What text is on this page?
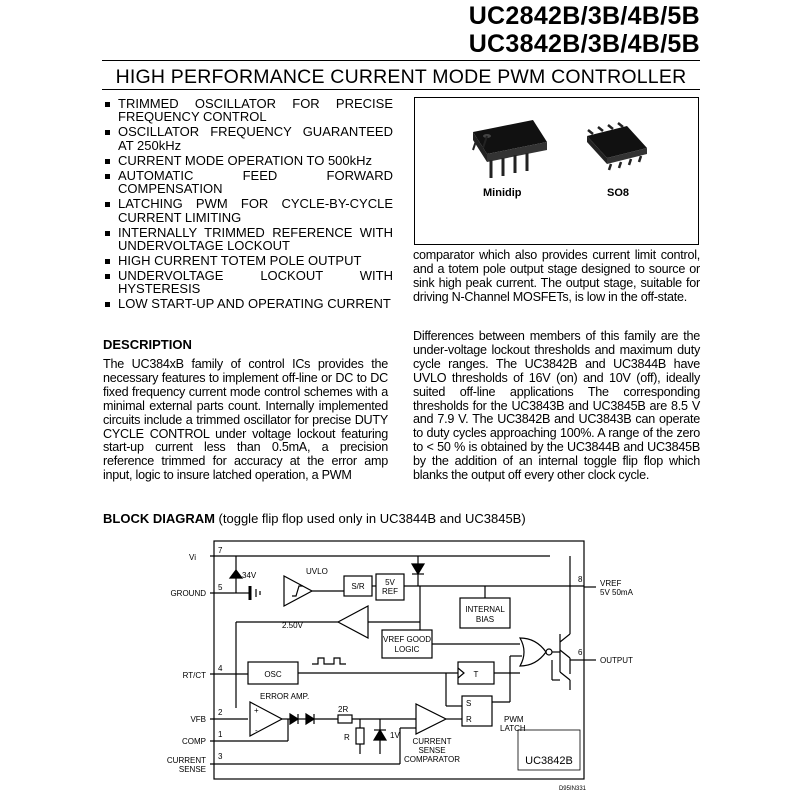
UC2842B/3B/4B/5B
UC3842B/3B/4B/5B
HIGH PERFORMANCE CURRENT MODE PWM CONTROLLER
TRIMMED OSCILLATOR FOR PRECISE FREQUENCY CONTROL
OSCILLATOR FREQUENCY GUARANTEED AT 250kHz
CURRENT MODE OPERATION TO 500kHz
AUTOMATIC FEED FORWARD COMPENSATION
LATCHING PWM FOR CYCLE-BY-CYCLE CURRENT LIMITING
INTERNALLY TRIMMED REFERENCE WITH UNDERVOLTAGE LOCKOUT
HIGH CURRENT TOTEM POLE OUTPUT
UNDERVOLTAGE LOCKOUT WITH HYSTERESIS
LOW START-UP AND OPERATING CURRENT
Minidip	SO8
DESCRIPTION
The UC384xB family of control ICs provides the necessary features to implement off-line or DC to DC fixed frequency current mode control schemes with a minimal external parts count. Internally implemented circuits include a trimmed oscillator for precise DUTY CYCLE CONTROL under voltage lockout featuring start-up current less than 0.5mA, a precision reference trimmed for accuracy at the error amp input, logic to insure latched operation, a PWM
comparator which also provides current limit control, and a totem pole output stage designed to source or sink high peak current. The output stage, suitable for driving N-Channel MOSFETs, is low in the off-state.
Differences between members of this family are the under-voltage lockout thresholds and maximum duty cycle ranges. The UC3842B and UC3844B have UVLO thresholds of 16V (on) and 10V (off), ideally suited off-line applications The corresponding thresholds for the UC3843B and UC3845B are 8.5 V and 7.9 V. The UC3842B and UC3843B can operate to duty cycles approaching 100%. A range of the zero to < 50 % is obtained by the UC3844B and UC3845B by the addition of an internal toggle flip flop which blanks the output off every other clock cycle.
BLOCK DIAGRAM (toggle flip flop used only in UC3844B and UC3845B)
Vi
7
GROUND
5
RT/CT
4
VFB
2
COMP
1
CURRENT
SENSE
3
8 VREF
5V 50mA
6
OUTPUT
34V	UVLO
S/R	5V
REF
2.50V
INTERNAL
BIAS
VREF GOOD
LOGIC
OSC	T
ERROR AMP.
+
-
2R
R	1V
S
R	PWM
LATCH
CURRENT
SENSE
COMPARATOR	UC3842B
D95IN331
